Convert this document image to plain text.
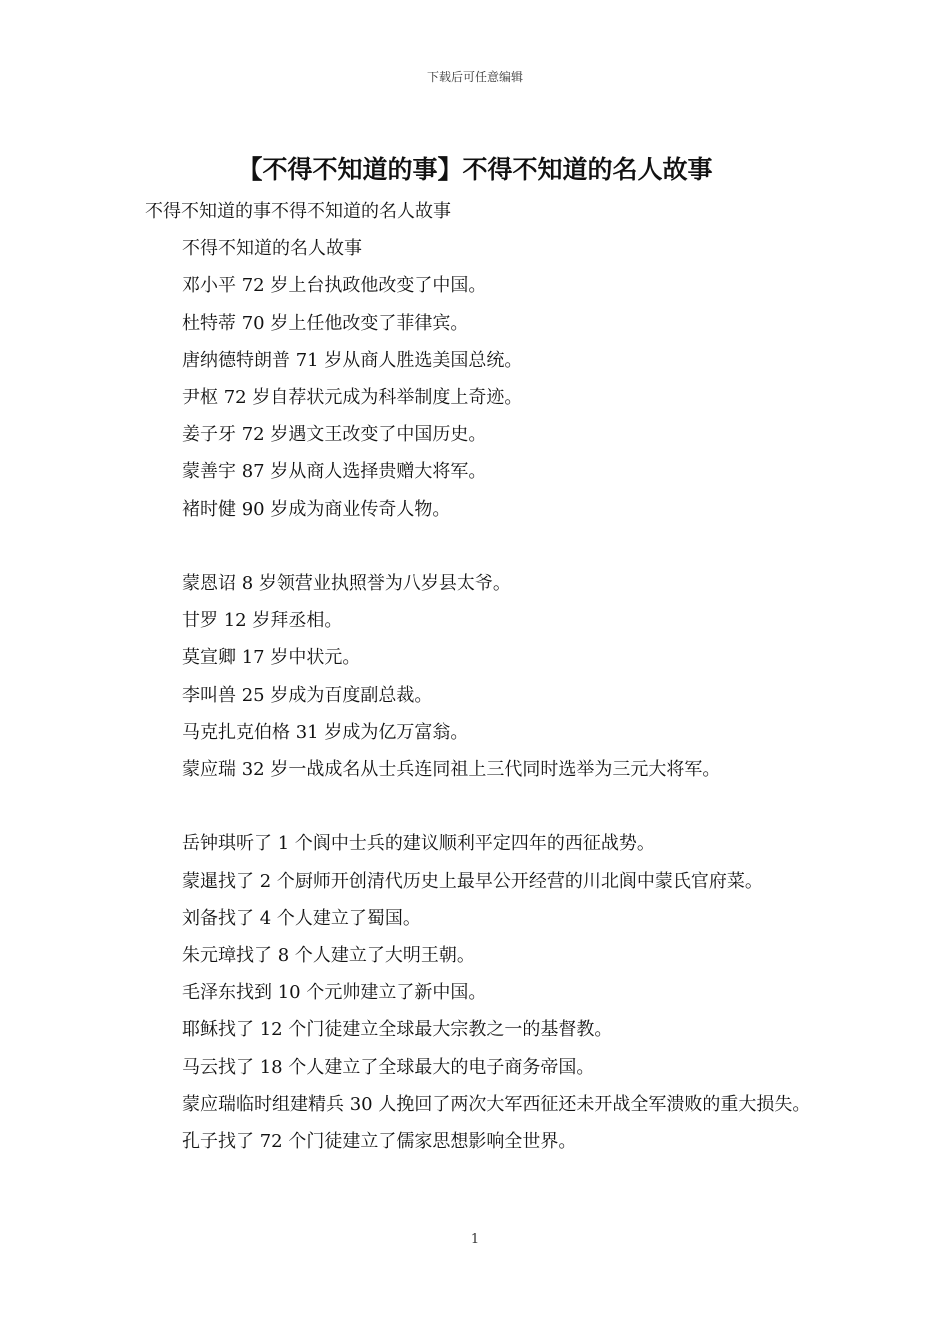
下载后可任意编辑
【不得不知道的事】不得不知道的名人故事

不得不知道的事不得不知道的名人故事

不得不知道的名人故事

邓小平 72 岁上台执政他改变了中国。

杜特蒂 70 岁上任他改变了菲律宾。

唐纳德特朗普 71 岁从商人胜选美国总统。

尹枢 72 岁自荐状元成为科举制度上奇迹。

姜子牙 72 岁遇文王改变了中国历史。

蒙善宇 87 岁从商人选择贵赠大将军。

褚时健 90 岁成为商业传奇人物。

蒙恩诏 8 岁领营业执照誉为八岁县太爷。

甘罗 12 岁拜丞相。

莫宣卿 17 岁中状元。

李叫兽 25 岁成为百度副总裁。

马克扎克伯格 31 岁成为亿万富翁。

蒙应瑞 32 岁一战成名从士兵连同祖上三代同时选举为三元大将军。

岳钟琪听了 1 个阆中士兵的建议顺利平定四年的西征战势。

蒙暹找了 2 个厨师开创清代历史上最早公开经营的川北阆中蒙氏官府菜。

刘备找了 4 个人建立了蜀国。

朱元璋找了 8 个人建立了大明王朝。

毛泽东找到 10 个元帅建立了新中国。

耶稣找了 12 个门徒建立全球最大宗教之一的基督教。

马云找了 18 个人建立了全球最大的电子商务帝国。

蒙应瑞临时组建精兵 30 人挽回了两次大军西征还未开战全军溃败的重大损失。

孔子找了 72 个门徒建立了儒家思想影响全世界。

1
